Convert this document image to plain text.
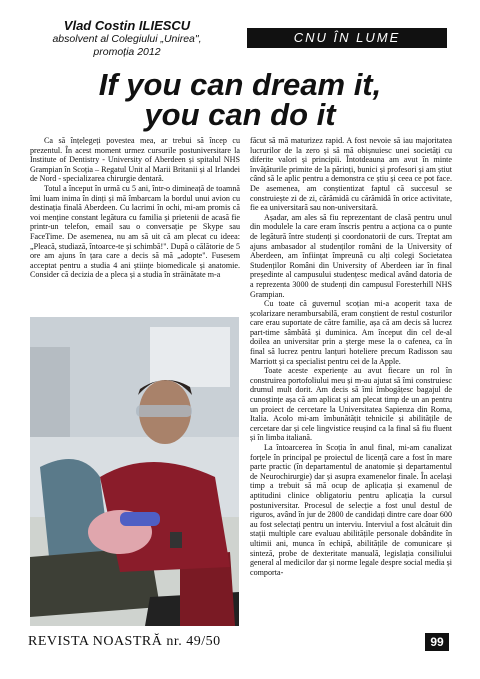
Vlad Costin ILIESCU
absolvent al Colegiului „Unirea",
promoția 2012
CNU ÎN LUME
If you can dream it,
you can do it

Ca să înțelegeți povestea mea, ar trebui să încep cu prezentul. În acest moment urmez cursurile postuniversitare la Institute of Dentistry - University of Aberdeen și spitalul NHS Grampian în Scoția – Regatul Unit al Marii Britanii și al Irlandei de Nord - specializarea chirurgie dentară.

Totul a început în urmă cu 5 ani, într-o dimineață de toamnă îmi luam inima în dinți și mă îmbarcam la bordul unui avion cu destinația finală Aberdeen. Cu lacrimi în ochi, mi-am promis că voi menține constant legătura cu familia și prietenii de acasă fie printr-un telefon, email sau o conversație pe Skype sau FaceTime. De asemenea, nu am să uit că am plecat cu ideea: „Pleacă, studiază, întoarce-te și schimbă!". După o călătorie de 5 ore am ajuns în țara care a decis să mă „adopte". Fusesem acceptat pentru a studia 4 ani științe biomedicale și anatomie. Consider că decizia de a pleca și a studia în străinătate m-a

făcut să mă maturizez rapid. A fost nevoie să iau majoritatea lucrurilor de la zero și să mă obișnuiesc unei societăți cu diferite valori și principii. Întotdeauna am avut în minte învățăturile primite de la părinți, bunici și profesori și am știut când să le aplic pentru a demonstra ce știu și ceea ce pot face. De asemenea, am conștientizat faptul că succesul se construiește zi de zi, cărămidă cu cărămidă în orice activitate, fie ea universitară sau non-universitară.

Așadar, am ales să fiu reprezentant de clasă pentru unul din modulele la care eram înscris pentru a acționa ca o punte de legătură între studenți și coordonatorii de curs. Treptat am ajuns ambasador al studenților români de la University of Aberdeen, am înființat împreună cu alți colegi Societatea Studenților Români din University of Aberdeen iar în final președinte al campusului studențesc medical având datoria de a reprezenta 3000 de studenți din campusul Foresterhill NHS Grampian.

Cu toate că guvernul scoțian mi-a acoperit taxa de școlarizare nerambursabilă, eram conștient de restul costurilor care erau suportate de către familie, așa că am decis să lucrez part-time sâmbătă și duminica. Am început din cel de-al doilea an universitar prin a șterge mese la o cafenea, ca în final să lucrez pentru lanțuri hoteliere precum Radisson sau Marriott și ca specialist pentru cei de la Apple.

Toate aceste experiențe au avut fiecare un rol în construirea portofoliului meu și m-au ajutat să îmi construiesc drumul mult dorit. Am decis să îmi îmbogățesc bagajul de cunoștințe așa că am aplicat și am plecat timp de un an pentru un proiect de cercetare la Universitatea Sapienza din Roma, Italia. Acolo mi-am îmbunătățit tehnicile și abilitățile de cercetare dar și cele lingvistice reușind ca la final să fiu fluent și în limba italiană.

La întoarcerea în Scoția în anul final, mi-am canalizat forțele în principal pe proiectul de licență care a fost în mare parte practic (în departamentul de anatomie și departamentul de Neurochirurgie) dar și asupra examenelor finale. În același timp a trebuit să mă ocup de aplicația și examenul de aptitudini clinice obligatoriu pentru aplicația la cursul postuniversitar. Procesul de selecție a fost unul destul de riguros, având în jur de 2800 de candidați dintre care doar 600 au fost selectați pentru un interviu. Interviul a fost alcătuit din stații multiple care evaluau abilitățile personale dobândite în ultimii ani, munca în echipă, abilitățile de comunicare și sinteză, probe de dexteritate manuală, legislația consiliului general al medicilor dar și norme legale despre social media și comporta-

REVISTA NOASTRĂ nr. 49/50	99
